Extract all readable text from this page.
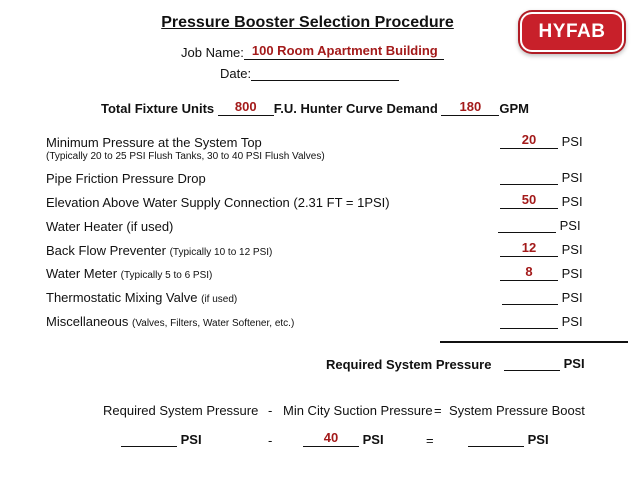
Pressure Booster Selection Procedure	HYFAB
Job Name: 100 Room Apartment Building
Date:
Total Fixture Units	800	F.U. Hunter Curve Demand	180	GPM
Minimum Pressure at the System Top
(Typically 20 to 25 PSI Flush Tanks, 30 to 40 PSI Flush Valves)
20	PSI
Pipe Friction Pressure Drop	PSI
Elevation Above Water Supply Connection (2.31 FT = 1PSI)	50	PSI
Water Heater (if used)	PSI
Back Flow Preventer (Typically 10 to 12 PSI)	12	PSI
Water Meter (Typically 5 to 6 PSI)	8	PSI
Thermostatic Mixing Valve (if used)	PSI
Miscellaneous (Valves, Filters, Water Softener, etc.)	PSI
Required System Pressure	PSI
Required System Pressure - Min City Suction Pressure = System Pressure Boost
PSI	-	40	PSI	=	PSI
